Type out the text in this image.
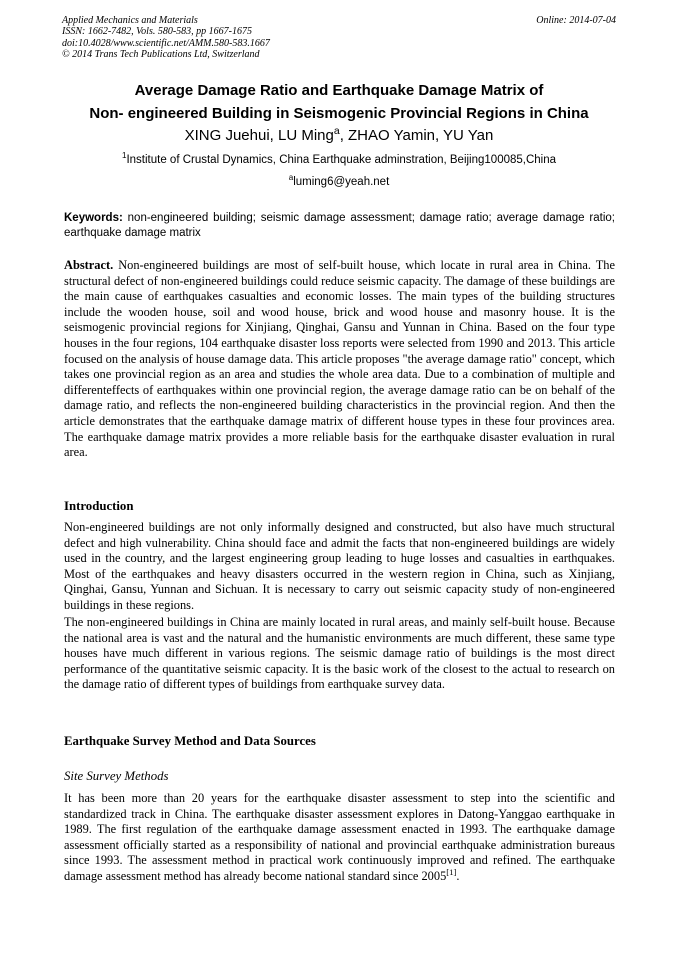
Applied Mechanics and Materials
ISSN: 1662-7482, Vols. 580-583, pp 1667-1675
doi:10.4028/www.scientific.net/AMM.580-583.1667
© 2014 Trans Tech Publications Ltd, Switzerland
Online: 2014-07-04
Average Damage Ratio and Earthquake Damage Matrix of
Non- engineered Building in Seismogenic Provincial Regions in China
XING Juehui, LU Ming$^a$, ZHAO Yamin, YU Yan
$^1$Institute of Crustal Dynamics, China Earthquake adminstration, Beijing100085,China
$^a$luming6@yeah.net
Keywords: non-engineered building; seismic damage assessment; damage ratio; average damage ratio; earthquake damage matrix
Abstract. Non-engineered buildings are most of self-built house, which locate in rural area in China. The structural defect of non-engineered buildings could reduce seismic capacity. The damage of these buildings are the main cause of earthquakes casualties and economic losses. The main types of the building structures include the wooden house, soil and wood house, brick and wood house and masonry house. It is the seismogenic provincial regions for Xinjiang, Qinghai, Gansu and Yunnan in China. Based on the four type houses in the four regions, 104 earthquake disaster loss reports were selected from 1990 and 2013. This article focused on the analysis of house damage data. This article proposes "the average damage ratio" concept, which takes one provincial region as an area and studies the whole area data. Due to a combination of multiple and differenteffects of earthquakes within one provincial region, the average damage ratio can be on behalf of the damage ratio, and reflects the non-engineered building characteristics in the provincial region. And then the article demonstrates that the earthquake damage matrix of different house types in these four provinces area. The earthquake damage matrix provides a more reliable basis for the earthquake disaster evaluation in rural area.
Introduction
Non-engineered buildings are not only informally designed and constructed, but also have much structural defect and high vulnerability. China should face and admit the facts that non-engineered buildings are widely used in the country, and the largest engineering group leading to huge losses and casualties in earthquakes. Most of the earthquakes and heavy disasters occurred in the western region in China, such as Xinjiang, Qinghai, Gansu, Yunnan and Sichuan. It is necessary to carry out seismic capacity study of non-engineered buildings in these regions.
The non-engineered buildings in China are mainly located in rural areas, and mainly self-built house. Because the national area is vast and the natural and the humanistic environments are much different, these same type houses have much different in various regions. The seismic damage ratio of buildings is the most direct performance of the quantitative seismic capacity. It is the basic work of the closest to the actual to research on the damage ratio of different types of buildings from earthquake survey data.
Earthquake Survey Method and Data Sources
Site Survey Methods
It has been more than 20 years for the earthquake disaster assessment to step into the scientific and standardized track in China. The earthquake disaster assessment explores in Datong-Yanggao earthquake in 1989. The first regulation of the earthquake damage assessment enacted in 1993. The earthquake damage assessment officially started as a responsibility of national and provincial earthquake administration bureaus since 1993. The assessment method in practical work continuously improved and refined. The earthquake damage assessment method has already become national standard since 2005[1].
